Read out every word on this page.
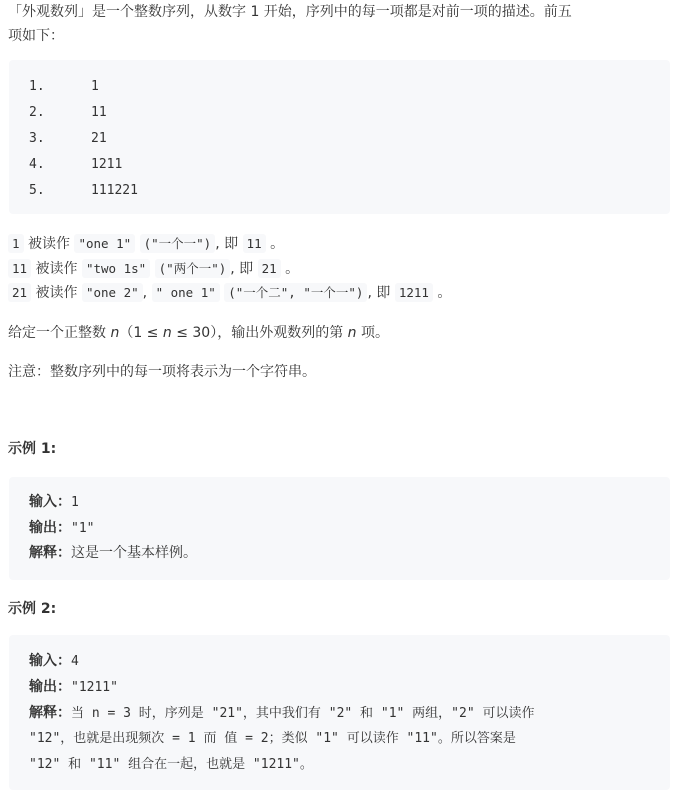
「外观数列」是一个整数序列，从数字 1 开始，序列中的每一项都是对前一项的描述。前五
项如下：
1.	1
2.	11
3.	21
4.	1211
5.	111221
1 被读作 "one 1" ("一个一") , 即 11 。
11 被读作 "two 1s" ("两个一") , 即 21 。
21 被读作 "one 2" , " one 1" ("一个二", "一个一") , 即 1211 。
给定一个正整数 n（1 ≤ n ≤ 30），输出外观数列的第 n 项。
注意：整数序列中的每一项将表示为一个字符串。
示例 1:
输入：1
输出："1"
解释：这是一个基本样例。
示例 2:
输入：4
输出："1211"
解释：当 n = 3 时，序列是 "21"，其中我们有 "2" 和 "1" 两组，"2" 可以读作
"12"，也就是出现频次 = 1 而 值 = 2；类似 "1" 可以读作 "11"。所以答案是
"12" 和 "11" 组合在一起，也就是 "1211"。
